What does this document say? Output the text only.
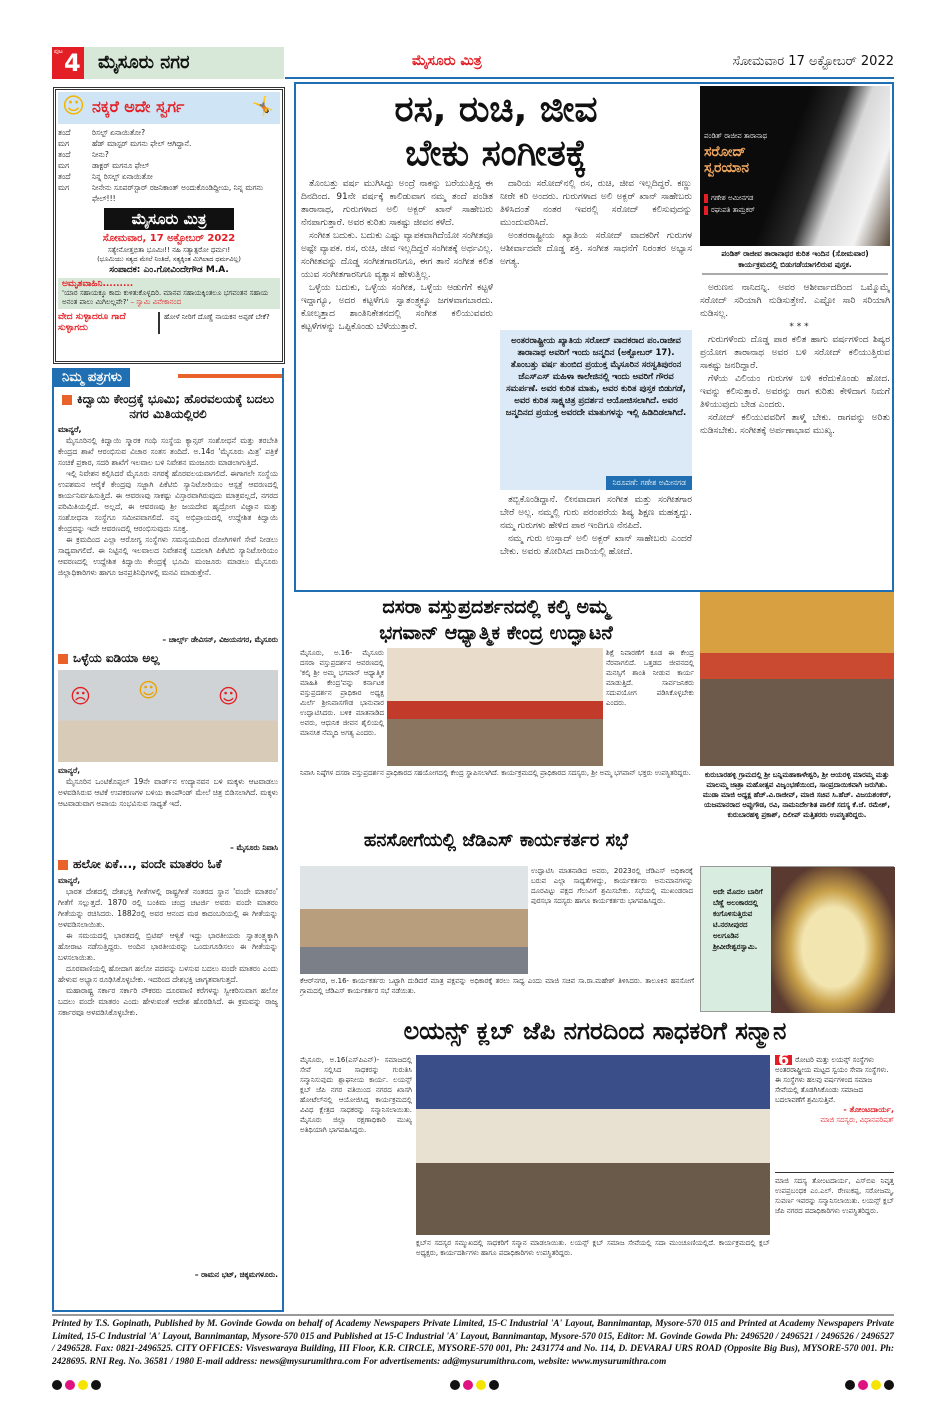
ಪುಟ 4 ಮೈಸೂರು ನಗರ	ಮೈಸೂರು ಮಿತ್ರ	ಸೋಮವಾರ 17 ಅಕ್ಟೋಬರ್ 2022
☺ ನಕ್ಕರೆ ಅದೇ ಸ್ವರ್ಗ	🤸
ತಂದೆ	ರಿಸಲ್ಟ್ ಏನಾಯಿತೋ?
ಮಗ	ಹೆಡ್ ಮಾಸ್ಟರ್ ಮಗನು ಫೇಲ್ ಆಗಿದ್ದಾನೆ.
ತಂದೆ	ನೀನು?
ಮಗ	ಡಾಕ್ಟರ್ ಮಗನೂ ಫೇಲ್
ತಂದೆ	ನಿನ್ನ ರಿಸಲ್ಟ್ ಏನಾಯಿತೋ
ಮಗ	ನೀನೇನು ಸೂಪರ್‌ಸ್ಟಾರ್ ರಜನಿಕಾಂತ್ ಅಂದುಕೊಂಡಿದ್ದೀಯ, ನಿನ್ನ ಮಗನು ಫೇಲ್!!!
ಮೈಸೂರು ಮಿತ್ರ
ಸೋಮವಾರ, 17 ಅಕ್ಟೋಬರ್ 2022
ಸತ್ಯೇನೋತ್ತಭಿತಾ ಭೂಮಿಃ!! ನಹಿ ಸತ್ಯಾತ್ಪರೋ ಧರ್ಮಃ!
(ಭೂಮಿಯು ಸತ್ಯದ ಮೇಲೆ ನಿಂತಿದೆ, ಸತ್ಯಕ್ಕಿಂತ ಮಿಗಿಲಾದ ಧರ್ಮವಿಲ್ಲ)
ಸಂಪಾದಕ: ಎಂ.ಗೋವಿಂದೇಗೌಡ M.A.
ಅಮೃತವಾಹಿನಿ.........
'ಯಾರ ಸಹಾಯಕ್ಕೂ ಕಾದು ಕುಳಿತುಕೊಳ್ಳದಿರಿ. ಮಾನವ ಸಹಾಯಕ್ಕಿಂತಲೂ ಭಗವಂತನ ಸಹಾಯ ಅನಂತ ಪಾಲು ಮಿಗಿಲಲ್ಲವೇ?' – ಸ್ವಾಮಿ ವಿವೇಕಾನಂದ
ವೇದ ಸುಳ್ಳಾದರೂ ಗಾದೆ ಸುಳ್ಳಾಗದು
ಹೋಳೆ ನೀರಿಗೆ ದೊಣ್ಣೆ ನಾಯಕನ ಅಪ್ಪಣೆ ಬೇಕೆ?
ನಿಮ್ಮ ಪತ್ರಗಳು
ಕಿದ್ವಾಯಿ ಕೇಂದ್ರಕ್ಕೆ ಭೂಮಿ; ಹೊರವಲಯಕ್ಕೆ ಬದಲು ನಗರ ಮಿತಿಯಲ್ಲಿರಲಿ
ಮಾನ್ಯರೆ,

ಮೈಸೂರಿನಲ್ಲಿ ಕಿದ್ವಾಯಿ ಸ್ಮಾರಕ ಗಂಥಿ ಸಂಸ್ಥೆಯ ಕ್ಯಾನ್ಸರ್ ಸಂಶೋಧನೆ ಮತ್ತು ತರಬೇತಿ ಕೇಂದ್ರದ ಶಾಖೆ ಆರಂಭಿಸುವ ವಿಚಾರ ಸಂತಸ ತಂದಿದೆ. ಅ.14ರ 'ಮೈಸೂರು ಮಿತ್ರ' ಪತ್ರಿಕೆ ಸಂಚಿಕೆ ಪ್ರಕಾರ, ಸದರಿ ಶಾಖೆಗೆ ಇಲವಾಲ ಬಳಿ ನಿವೇಶನ ಮಂಜೂರು ಮಾಡಲಾಗುತ್ತಿದೆ.

ಇಲ್ಲಿ ನಿವೇಶನ ಕಲ್ಪಿಸಿದರೆ ಮೈಸೂರು ನಗರಕ್ಕೆ ಹೊರವಲಯವಾಗಲಿದೆ. ಈಗಾಗಲೇ ಸಂಸ್ಥೆಯ ಉಪಶಮನ ಆರೈಕೆ ಕೇಂದ್ರವು ಸಜ್ಜಾಗಿ ಪಿಕೆಟಿಬಿ ಸ್ಯಾನಿಟೋರಿಯಂ ಆಸ್ಪತ್ರೆ ಆವರಣದಲ್ಲಿ ಕಾರ್ಯನಿರ್ವಹಿಸುತ್ತಿದೆ. ಈ ಆವರಣವು ಸಾಕಷ್ಟು ವಿಸ್ತಾರವಾಗಿರುವುದು ಮಾತ್ರವಲ್ಲದೆ, ನಗರದ ಪರಿಮಿತಿಯಲ್ಲಿದೆ. ಅಲ್ಲದೆ, ಈ ಆವರಣವು ಶ್ರೀ ಜಯದೇವ ಹೃದ್ರೋಗ ವಿಜ್ಞಾನ ಮತ್ತು ಸಂಶೋಧನಾ ಸಂಸ್ಥೆಗೂ ಸಮೀಪವಾಗಲಿದೆ. ನನ್ನ ಅಭಿಪ್ರಾಯದಲ್ಲಿ ಉದ್ದೇಶಿತ ಕಿದ್ವಾಯಿ ಕೇಂದ್ರವನ್ನು ಇದೇ ಆವರಣದಲ್ಲಿ ಆರಂಭಿಸುವುದು ಸೂಕ್ತ.

ಈ ಕ್ರಮದಿಂದ ಎಲ್ಲಾ ಆರೋಗ್ಯ ಸಂಸ್ಥೆಗಳು ಸಮನ್ವಯದಿಂದ ರೋಗಿಗಳಿಗೆ ಸೇವೆ ನೀಡಲು ಸಾಧ್ಯವಾಗಲಿದೆ. ಈ ನಿಟ್ಟಿನಲ್ಲಿ ಇಲವಾಲದ ನಿವೇಶನಕ್ಕೆ ಬದಲಾಗಿ ಪಿಕೆಟಿಬಿ ಸ್ಯಾನಿಟೋರಿಯಂ ಆವರಣದಲ್ಲಿ ಉದ್ದೇಶಿತ ಕಿದ್ವಾಯಿ ಕೇಂದ್ರಕ್ಕೆ ಭೂಮಿ ಮಂಜೂರು ಮಾಡಲು ಮೈಸೂರು ಜಿಲ್ಲಾಧಿಕಾರಿಗಳು ಹಾಗೂ ಜನಪ್ರತಿನಿಧಿಗಳಲ್ಲಿ ಮನವಿ ಮಾಡುತ್ತೇನೆ.

– ಚಾರ್ಲ್ಸ್ ಡೇವಿಸನ್, ವಿಜಯನಗರ, ಮೈಸೂರು
ಒಳ್ಳೆಯ ಐಡಿಯಾ ಅಲ್ಲ
☹ ☺	☺
ಮಾನ್ಯರೆ,

ಮೈಸೂರಿನ ಒಂಟಿಕೊಪ್ಪಲ್ 19ನೇ ವಾರ್ಡ್‌ನ ಉದ್ಯಾನವನ ಬಳಿ ಮಕ್ಕಳು ಆಟವಾಡಲು ಅಳವಡಿಸಿರುವ ಆಟಿಕೆ ಉಪಕರಣಗಳ ಬಳಿಯ ಕಾಂಪೌಂಡ್ ಮೇಲೆ ಚಿತ್ರ ಬಿಡಿಸಲಾಗಿದೆ. ಮಕ್ಕಳು ಆಟವಾಡುವಾಗ ಅಪಾಯ ಸಂಭವಿಸುವ ಸಾಧ್ಯತೆ ಇದೆ.

– ಮೈಸೂರು ನಿವಾಸಿ
ಹಲೋ ಏಕೆ..., ವಂದೇ ಮಾತರಂ ಓಕೆ
ಮಾನ್ಯರೆ,

ಭಾರತ ದೇಶದಲ್ಲಿ ದೇಶಭಕ್ತಿ ಗೀತೆಗಳಲ್ಲಿ ರಾಷ್ಟ್ರಗೀತೆ ನಂತರದ ಸ್ಥಾನ 'ವಂದೇ ಮಾತರಂ' ಗೀತೆಗೆ ಸಲ್ಲುತ್ತದೆ. 1870 ರಲ್ಲಿ ಬಂಕಿಮ ಚಂದ್ರ ಚಟರ್ಜಿ ಅವರು ವಂದೇ ಮಾತರಂ ಗೀತೆಯನ್ನು ರಚಿಸಿದರು. 1882ರಲ್ಲಿ ಅವರ ಆನಂದ ಮಠ ಕಾದಂಬರಿಯಲ್ಲಿ ಈ ಗೀತೆಯನ್ನು ಅಳವಡಿಸಲಾಯಿತು.

ಈ ಸಮಯದಲ್ಲಿ ಭಾರತದಲ್ಲಿ ಬ್ರಿಟಿಷ್ ಆಳ್ವಿಕೆ ಇದ್ದು ಭಾರತೀಯರು ಸ್ವಾತಂತ್ರ್ಯಕ್ಕಾಗಿ ಹೋರಾಟ ನಡೆಸುತ್ತಿದ್ದರು. ಅಂದಿನ ಭಾರತೀಯರನ್ನು ಒಂದುಗೂಡಿಸಲು ಈ ಗೀತೆಯನ್ನು ಬಳಸಲಾಯಿತು.

ದೂರವಾಣಿಯಲ್ಲಿ ಹೋದಾಗ ಹಲೋ ಪದವನ್ನು ಬಳಸುವ ಬದಲು ವಂದೇ ಮಾತರಂ ಎಂದು ಹೇಳುವ ಅಭ್ಯಾಸ ರೂಢಿಸಿಕೊಳ್ಳಬೇಕು. ಇದರಿಂದ ದೇಶಭಕ್ತಿ ಜಾಗೃತವಾಗುತ್ತದೆ.

ಮಹಾರಾಷ್ಟ್ರ ಸರ್ಕಾರ ಸರ್ಕಾರಿ ನೌಕರರು ದೂರವಾಣಿ ಕರೆಗಳನ್ನು ಸ್ವೀಕರಿಸುವಾಗ ಹಲೋ ಬದಲು ವಂದೇ ಮಾತರಂ ಎಂದು ಹೇಳುವಂತೆ ಆದೇಶ ಹೊರಡಿಸಿದೆ. ಈ ಕ್ರಮವನ್ನು ರಾಜ್ಯ ಸರ್ಕಾರವೂ ಅಳವಡಿಸಿಕೊಳ್ಳಬೇಕು.

– ರಾಮನ ಭಟ್, ಚಿಕ್ಕಮಗಳೂರು.
ರಸ, ರುಚಿ, ಜೀವ
ಬೇಕು ಸಂಗೀತಕ್ಕೆ	ಪಂಡಿತ್ ರಾಜೀವ ತಾರಾನಾಥ
ಸರೋದ್ ಸ್ವರಯಾನ
ಗಣೇಶ ಅಮೀನಗಡ
ರಘುಪತಿ ತಾಮ್ರಕರ್
ಪಂಡಿತ್ ರಾಜೀವ ತಾರಾನಾಥರ ಕುರಿತ ಇಂದಿನ (ಸೋಮವಾರ) ಕಾರ್ಯಕ್ರಮದಲ್ಲಿ ಬಿಡುಗಡೆಯಾಗಲಿರುವ ಪುಸ್ತಕ.

ತೊಂಬತ್ತು ವರ್ಷ ಮುಗಿಸಿದ್ದು ಅಂದ್ರೆ ನಾಕನ್ನು ಬರೆಯುತ್ತಿದ್ದ ಈ ದಿನದಿಂದ. 91ನೇ ವರ್ಷಕ್ಕೆ ಕಾಲಿಡುವಾಗ ನಮ್ಮ ತಂದೆ ಪಂಡಿತ ತಾರಾನಾಥ, ಗುರುಗಳಾದ ಅಲಿ ಅಕ್ಬರ್ ಖಾನ್ ಸಾಹೇಬರು ನೆನಪಾಗುತ್ತಾರೆ. ಅವರ ಕುರಿತು ಸಾಕಷ್ಟು ಜೀವನ ಕಳೆದೆ.

ಸಂಗೀತ ಬದುಕು. ಬದುಕು ಎಷ್ಟು ವ್ಯಾಪಕವಾಗಿದೆಯೋ ಸಂಗೀತವೂ ಅಷ್ಟೇ ವ್ಯಾಪಕ. ರಸ, ರುಚಿ, ಜೀವ ಇಲ್ಲದಿದ್ದರೆ ಸಂಗೀತಕ್ಕೆ ಅರ್ಥವಿಲ್ಲ. ಸಂಗೀತವನ್ನು ದೊಡ್ಡ ಸಂಗೀತಗಾರನಿಗೂ, ಈಗ ತಾನೆ ಸಂಗೀತ ಕಲಿತ ಯುವ ಸಂಗೀತಗಾರನಿಗೂ ವ್ಯತ್ಯಾಸ ಹೇಳುತ್ತಿಲ್ಲ.

ಒಳ್ಳೆಯ ಬದುಕು, ಒಳ್ಳೆಯ ಸಂಗೀತ, ಒಳ್ಳೆಯ ಆಡುಗೆಗೆ ಕಟ್ಟಳೆ ಇದ್ದಾಗ್ಯೂ, ಅದರ ಕಟ್ಟಳೆಗೂ ಸ್ವಾತಂತ್ರ್ಯಕ್ಕೂ ಜಗಳವಾಗಬಾರದು. ಕೋಲ್ಕತ್ತಾದ ಶಾಂತಿನಿಕೇತನದಲ್ಲಿ ಸಂಗೀತ ಕಲಿಯುವವರು ಕಟ್ಟಳೆಗಳನ್ನು ಒಪ್ಪಿಕೊಂಡು ಬೆಳೆಯುತ್ತಾರೆ.

ದಾರಿಯ ಸರೋದ್‌ನಲ್ಲಿ ರಸ, ರುಚಿ, ಜೀವ ಇಲ್ಲದಿದ್ದರೆ. ಕಣ್ಣು ನೀರೇ ಕರಿ ಅಂದರು. ಗುರುಗಳಾದ ಅಲಿ ಅಕ್ಬರ್ ಖಾನ್ ಸಾಹೇಬರು ತಿಳಿಸಿದಂತೆ ನಂತರ ಇವರಲ್ಲಿ ಸರೋದ್ ಕಲಿಸುವುದನ್ನು ಮುಂದುವರಿಸಿದೆ.

ಅಂತರರಾಷ್ಟ್ರೀಯ ಖ್ಯಾತಿಯ ಸರೋದ್ ವಾದಕರಿಗೆ ಗುರುಗಳ ಆಶೀರ್ವಾದವೇ ದೊಡ್ಡ ಶಕ್ತಿ. ಸಂಗೀತ ಸಾಧನೆಗೆ ನಿರಂತರ ಅಭ್ಯಾಸ ಅಗತ್ಯ.

ಅಂತರರಾಷ್ಟ್ರೀಯ ಖ್ಯಾತಿಯ ಸರೋದ್ ವಾದಕರಾದ ಪಂ.ರಾಜೀವ ತಾರಾನಾಥ ಅವರಿಗೆ ಇಂದು ಜನ್ಮದಿನ (ಅಕ್ಟೋಬರ್ 17). ತೊಂಬತ್ತು ವರ್ಷ ತುಂಬಿದ ಪ್ರಯುಕ್ತ ಮೈಸೂರಿನ ಸರಸ್ವತಿಪುರಂನ ಜೆಎಸ್‌ಎಸ್ ಮಹಿಳಾ ಕಾಲೇಜಿನಲ್ಲಿ ಇಂದು ಅವರಿಗೆ ಗೌರವ ಸಮರ್ಪಣೆ. ಅವರ ಕುರಿತ ಮಾತು, ಅವರ ಕುರಿತ ಪುಸ್ತಕ ಬಿಡುಗಡೆ, ಅವರ ಕುರಿತ ಸಾಕ್ಷ್ಯಚಿತ್ರ ಪ್ರದರ್ಶನ ಆಯೋಜಿಸಲಾಗಿದೆ. ಅವರ ಜನ್ಮದಿನದ ಪ್ರಯುಕ್ತ ಅವರದೇ ಮಾತುಗಳನ್ನು ಇಲ್ಲಿ ಹಿಡಿದಿಡಲಾಗಿದೆ.
ನಿರೂಪಣೆ: ಗಣೇಶ ಅಮೀನಗಡ

ತಬ್ಬಿಕೊಂಡಿದ್ದಾನೆ. ಲೀನವಾದಾಗ ಸಂಗೀತ ಮತ್ತು ಸಂಗೀತಗಾರ ಬೇರೆ ಅಲ್ಲ. ನಮ್ಮಲ್ಲಿ ಗುರು ಪರಂಪರೆಯ ಶಿಷ್ಯ ಶಿಕ್ಷಣ ಮಹತ್ವದ್ದು. ನಮ್ಮ ಗುರುಗಳು ಹೇಳಿದ ಪಾಠ ಇಂದಿಗೂ ನೆನಪಿದೆ.

ನಮ್ಮ ಗುರು ಉಸ್ತಾದ್ ಅಲಿ ಅಕ್ಬರ್ ಖಾನ್ ಸಾಹೇಬರು ಎಂದರೆ ಬೇಕು. ಅವರು ತೋರಿಸಿದ ದಾರಿಯಲ್ಲಿ ಹೋದೆ.

ಅರುಣನ ನಾನಿದನ್ನಿ. ಅವರ ಆಶೀರ್ವಾದದಿಂದ ಒಮ್ಮೊಮ್ಮೆ ಸರೋದ್ ಸರಿಯಾಗಿ ನುಡಿಸುತ್ತೇನೆ. ಎಷ್ಟೋ ಸಾರಿ ಸರಿಯಾಗಿ ನುಡಿಸಲ್ಲ.

* * *

ಗುರುಗಳೆಂದು ದೊಡ್ಡ ಪಾಠ ಕಲಿತ ಹಾಗು ವರ್ಷಗಳಿಂದ ಶಿಷ್ಯರ ಪ್ರಯೋಗ ತಾರಾನಾಥ ಅವರ ಬಳಿ ಸರೋದ್ ಕಲಿಯುತ್ತಿರುವ ಸಾಕಷ್ಟು ಜನರಿದ್ದಾರೆ.

ಗೆಳೆಯ ವಿಲಿಯಂ ಗುರುಗಳ ಬಳಿ ಕರೆದುಕೊಂಡು ಹೋದ. ಇವನ್ನು ಕಲಿಸುತ್ತಾರೆ. ಅವರನ್ನು ರಾಗ ಕುರಿತು ಕೇಳಿದಾಗ ನಿಮಗೆ ತಿಳಿಯುವುದು ಬೇಡ ಎಂದರು.

ಸರೋದ್ ಕಲಿಯುವವರಿಗೆ ತಾಳ್ಮೆ ಬೇಕು. ರಾಗವನ್ನು ಅರಿತು ನುಡಿಸಬೇಕು. ಸಂಗೀತಕ್ಕೆ ಅರ್ಪಣಾಭಾವ ಮುಖ್ಯ.

ದಸರಾ ವಸ್ತುಪ್ರದರ್ಶನದಲ್ಲಿ ಕಲ್ಕಿ ಅಮ್ಮ
ಭಗವಾನ್ ಆಧ್ಯಾತ್ಮಿಕ ಕೇಂದ್ರ ಉದ್ಘಾಟನೆ
ಮೈಸೂರು, ಅ.16- ಮೈಸೂರು ದಸರಾ ವಸ್ತುಪ್ರದರ್ಶನ ಆವರಣದಲ್ಲಿ 'ಕಲ್ಕಿ ಶ್ರೀ ಅಮ್ಮ ಭಗವಾನ್ ಆಧ್ಯಾತ್ಮಿಕ ಮಾಹಿತಿ ಕೇಂದ್ರ'ವನ್ನು ಕರ್ನಾಟಕ ವಸ್ತುಪ್ರದರ್ಶನ ಪ್ರಾಧಿಕಾರ ಅಧ್ಯಕ್ಷ ಮಿರ್ಲೆ ಶ್ರೀನಿವಾಸಗೌಡ ಭಾನುವಾರ ಉದ್ಘಾಟಿಸಿದರು. ಬಳಿಕ ಮಾತನಾಡಿದ ಅವರು, ಆಧುನಿಕ ಜೀವನ ಶೈಲಿಯಲ್ಲಿ ಮಾನಸಿಕ ನೆಮ್ಮದಿ ಅಗತ್ಯ ಎಂದರು.
ಶಿಕ್ಷೆ ನಿವಾರಣೆಗೆ ಕೂಡ ಈ ಕೇಂದ್ರ ನೆರವಾಗಲಿದೆ. ಒತ್ತಡದ ಜೀವನದಲ್ಲಿ ಮನಸ್ಸಿಗೆ ಶಾಂತಿ ನೀಡುವ ಕಾರ್ಯ ಮಾಡುತ್ತಿದೆ. ಸಾರ್ವಜನಿಕರು ಸದುಪಯೋಗ ಪಡಿಸಿಕೊಳ್ಳಬೇಕು ಎಂದರು.
ನಿವಾಸಿ ನಿಷ್ಠೆಗಳ ದಸರಾ ವಸ್ತುಪ್ರದರ್ಶನ ಪ್ರಾಧಿಕಾರದ ಸಹಯೋಗದಲ್ಲಿ ಕೇಂದ್ರ ಸ್ಥಾಪಿಸಲಾಗಿದೆ. ಕಾರ್ಯಕ್ರಮದಲ್ಲಿ ಪ್ರಾಧಿಕಾರದ ಸದಸ್ಯರು, ಶ್ರೀ ಅಮ್ಮ ಭಗವಾನ್ ಭಕ್ತರು ಉಪಸ್ಥಿತರಿದ್ದರು.	ಕುರುಬಾರಹಳ್ಳಿ ಗ್ರಾಮದಲ್ಲಿ ಶ್ರೀ ಬನ್ನಿಮಹಾಕಾಳೇಶ್ವರಿ, ಶ್ರೀ ಆಯರಳ್ಳಿ ಮಾರಮ್ಮ ಮತ್ತು ಮಾಲಮ್ಮ ಜಾತ್ರಾ ಮಹೋತ್ಸವ ವಿಜೃಂಭಣೆಯಿಂದ, ಸಾಂಪ್ರದಾಯಿಕವಾಗಿ ಜರುಗಿತು. ಮುಡಾ ಮಾಜಿ ಅಧ್ಯಕ್ಷ ಹೆಚ್.ವಿ.ರಾಜೀವ್, ಮಾಜಿ ಸಚಿವ ಸಿ.ಹೆಚ್. ವಿಜಯಶಂಕರ್, ಯಜಮಾನರಾದ ಅಪ್ಪುಗೌಡ, ರವಿ, ನಾಮನಿರ್ದೇಶಿತ ಪಾಲಿಕೆ ಸದಸ್ಯ ಕೆ.ಜೆ. ರಮೇಶ್, ಕುರುಬಾರಹಳ್ಳಿ ಪ್ರಕಾಶ್, ದಿಲೀಪ್ ಮತ್ತಿತರರು ಉಪಸ್ಥಿತರಿದ್ದರು.
ಅದೇ ಮೊದಲ ಬಾರಿಗೆ ಬೆಣ್ಣೆ ಅಲಂಕಾರದಲ್ಲಿ ಕಂಗೊಳಿಸುತ್ತಿರುವ ಟಿ.ನರಸೀಪುರದ ಅಲಗೂಡಿನ ಶ್ರೀವೀರೇಶ್ವರಸ್ವಾಮಿ.
ಹನಸೋಗೆಯಲ್ಲಿ ಜೆಡಿಎಸ್ ಕಾರ್ಯಕರ್ತರ ಸಭೆ
ಉದ್ಘಾಟಿಸಿ ಮಾತನಾಡಿದ ಅವರು, 2023ರಲ್ಲಿ ಜೆಡಿಎಸ್ ಅಧಿಕಾರಕ್ಕೆ ಬರುವ ಎಲ್ಲಾ ಸಾಧ್ಯತೆಗಳಿದ್ದು, ಕಾರ್ಯಕರ್ತರು ಅನುಮಾನಗಳನ್ನು ದೂರವಿಟ್ಟು ಪಕ್ಷದ ಗೆಲುವಿಗೆ ಶ್ರಮಿಸಬೇಕು. ಸಭೆಯಲ್ಲಿ ಮುಖಂಡರಾದ ಪುರಸಭಾ ಸದಸ್ಯರು ಹಾಗೂ ಕಾರ್ಯಕರ್ತರು ಭಾಗವಹಿಸಿದ್ದರು.
ಕೆಆರ್‌ನಗರ, ಅ.16- ಕಾರ್ಯಕರ್ತರು ಒಟ್ಟಾಗಿ ದುಡಿದರೆ ಮಾತ್ರ ಪಕ್ಷವನ್ನು ಅಧಿಕಾರಕ್ಕೆ ತರಲು ಸಾಧ್ಯ ಎಂದು ಮಾಜಿ ಸಚಿವ ಸಾ.ರಾ.ಮಹೇಶ್ ತಿಳಿಸಿದರು. ತಾಲೂಕಿನ ಹನಸೋಗೆ ಗ್ರಾಮದಲ್ಲಿ ಜೆಡಿಎಸ್ ಕಾರ್ಯಕರ್ತರ ಸಭೆ ನಡೆಯಿತು.
ಲಯನ್ಸ್ ಕ್ಲಬ್ ಜೆಪಿ ನಗರದಿಂದ ಸಾಧಕರಿಗೆ ಸನ್ಮಾನ
ಮೈಸೂರು, ಅ.16(ಎಸ್‌ಪಿಎನ್)- ಸಮಾಜದಲ್ಲಿ ಸೇವೆ ಸಲ್ಲಿಸಿದ ಸಾಧಕರನ್ನು ಗುರುತಿಸಿ ಸನ್ಮಾನಿಸುವುದು ಶ್ಲಾಘನೀಯ ಕಾರ್ಯ. ಲಯನ್ಸ್ ಕ್ಲಬ್ ಜೆಪಿ ನಗರ ವತಿಯಿಂದ ನಗರದ ಖಾಸಗಿ ಹೋಟೆಲ್‌ನಲ್ಲಿ ಆಯೋಜಿಸಿದ್ದ ಕಾರ್ಯಕ್ರಮದಲ್ಲಿ ವಿವಿಧ ಕ್ಷೇತ್ರದ ಸಾಧಕರನ್ನು ಸನ್ಮಾನಿಸಲಾಯಿತು. ಮೈಸೂರು ಜಿಲ್ಲಾ ರಕ್ಷಣಾಧಿಕಾರಿ ಮುಖ್ಯ ಅತಿಥಿಯಾಗಿ ಭಾಗವಹಿಸಿದ್ದರು.
ಕ್ಲಬ್‌ನ ಸದಸ್ಯರ ಸಮ್ಮುಖದಲ್ಲಿ ಸಾಧಕರಿಗೆ ಸನ್ಮಾನ ಮಾಡಲಾಯಿತು. ಲಯನ್ಸ್ ಕ್ಲಬ್ ಸಮಾಜ ಸೇವೆಯಲ್ಲಿ ಸದಾ ಮುಂಚೂಣಿಯಲ್ಲಿದೆ. ಕಾರ್ಯಕ್ರಮದಲ್ಲಿ ಕ್ಲಬ್ ಅಧ್ಯಕ್ಷರು, ಕಾರ್ಯದರ್ಶಿಗಳು ಹಾಗೂ ಪದಾಧಿಕಾರಿಗಳು ಉಪಸ್ಥಿತರಿದ್ದರು.
6 ರೋಟರಿ ಮತ್ತು ಲಯನ್ಸ್ ಸಂಸ್ಥೆಗಳು ಅಂತರರಾಷ್ಟ್ರೀಯ ಮಟ್ಟದ ಸ್ವಯಂ ಸೇವಾ ಸಂಸ್ಥೆಗಳು. ಈ ಸಂಸ್ಥೆಗಳು ಹಲವು ವರ್ಷಗಳಿಂದ ಸಮಾಜ ಸೇವೆಯಲ್ಲಿ ತೊಡಗಿಸಿಕೊಂಡು ಸಮಾಜದ ಬದಲಾವಣೆಗೆ ಶ್ರಮಿಸುತ್ತಿವೆ.
- ತೋಂಟದಾರ್ಯ,
ಮಾಜಿ ಸದಸ್ಯರು, ವಿಧಾನಪರಿಷತ್
ಮಾಜಿ ಸದಸ್ಯ ತೋಂಟದಾರ್ಯ, ಎಸ್‌ಬಿಐ ನಿವೃತ್ತ ಉಪಪ್ರಬಂಧಕ ಎಂ.ಎಲ್. ರೇಣುಕಪ್ಪ, ಸರೋಜಮ್ಮ, ಸುವರ್ಣ ಇವರನ್ನು ಸನ್ಮಾನಿಸಲಾಯಿತು. ಲಯನ್ಸ್ ಕ್ಲಬ್ ಜೆಪಿ ನಗರದ ಪದಾಧಿಕಾರಿಗಳು ಉಪಸ್ಥಿತರಿದ್ದರು.
Printed by T.S. Gopinath, Published by M. Govinde Gowda on behalf of Academy Newspapers Private Limited, 15-C Industrial 'A' Layout, Bannimantap, Mysore-570 015 and Printed at Academy Newspapers Private Limited, 15-C Industrial 'A' Layout, Bannimantap, Mysore-570 015 and Published at 15-C Industrial 'A' Layout, Bannimantap, Mysore-570 015, Editor: M. Govinde Gowda Ph: 2496520 / 2496521 / 2496526 / 2496527 / 2496528. Fax: 0821-2496525. CITY OFFICES: Visveswaraya Building, III Floor, K.R. CIRCLE, MYSORE-570 001, Ph: 2431774 and No. 114, D. DEVARAJ URS ROAD (Opposite Big Bus), MYSORE-570 001. Ph: 2428695. RNI Reg. No. 36581 / 1980 E-mail address: news@mysurumithra.com For advertisements: ad@mysurumithra.com, website: www.mysurumithra.com
